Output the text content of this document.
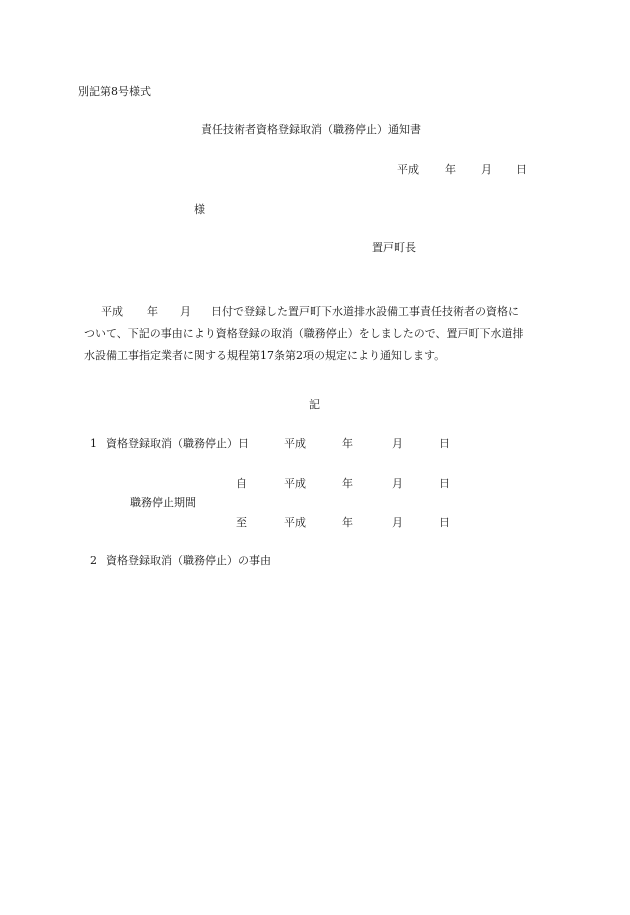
別記第8号様式
責任技術者資格登録取消（職務停止）通知書
平成 年 月 日
様
置戸町長
平成 年 月 日付で登録した置戸町下水道排水設備工事責任技術者の資格に
ついて、下記の事由により資格登録の取消（職務停止）をしましたので、置戸町下水道排
水設備工事指定業者に関する規程第17条第2項の規定により通知します。
記
1 資格登録取消（職務停止）日	平成	年	月	日
職務停止期間
自	平成	年	月	日
至	平成	年	月	日
2 資格登録取消（職務停止）の事由
